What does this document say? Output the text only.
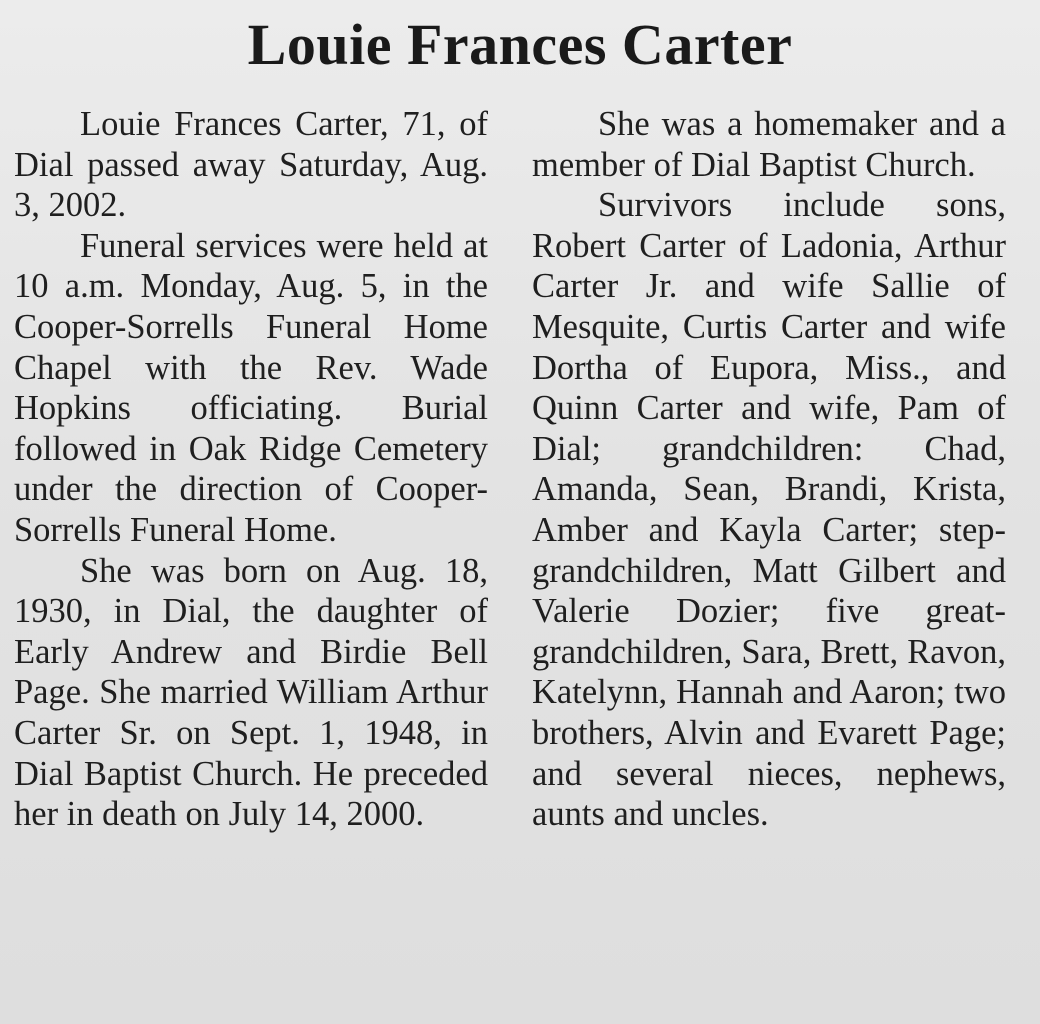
Louie Frances Carter

Louie Frances Carter, 71, of Dial passed away Saturday, Aug. 3, 2002.

Funeral services were held at 10 a.m. Monday, Aug. 5, in the Cooper-Sorrells Funeral Home Chapel with the Rev. Wade Hopkins officiating. Burial followed in Oak Ridge Cemetery under the direction of Cooper-Sorrells Funeral Home.

She was born on Aug. 18, 1930, in Dial, the daughter of Early Andrew and Birdie Bell Page. She married William Arthur Carter Sr. on Sept. 1, 1948, in Dial Baptist Church. He preceded her in death on July 14, 2000.

She was a homemaker and a member of Dial Baptist Church.

Survivors include sons, Robert Carter of Ladonia, Arthur Carter Jr. and wife Sallie of Mesquite, Curtis Carter and wife Dortha of Eupora, Miss., and Quinn Carter and wife, Pam of Dial; grandchildren: Chad, Amanda, Sean, Brandi, Krista, Amber and Kayla Carter; step-grandchildren, Matt Gilbert and Valerie Dozier; five great-grandchildren, Sara, Brett, Ravon, Katelynn, Hannah and Aaron; two brothers, Alvin and Evarett Page; and several nieces, nephews, aunts and uncles.
